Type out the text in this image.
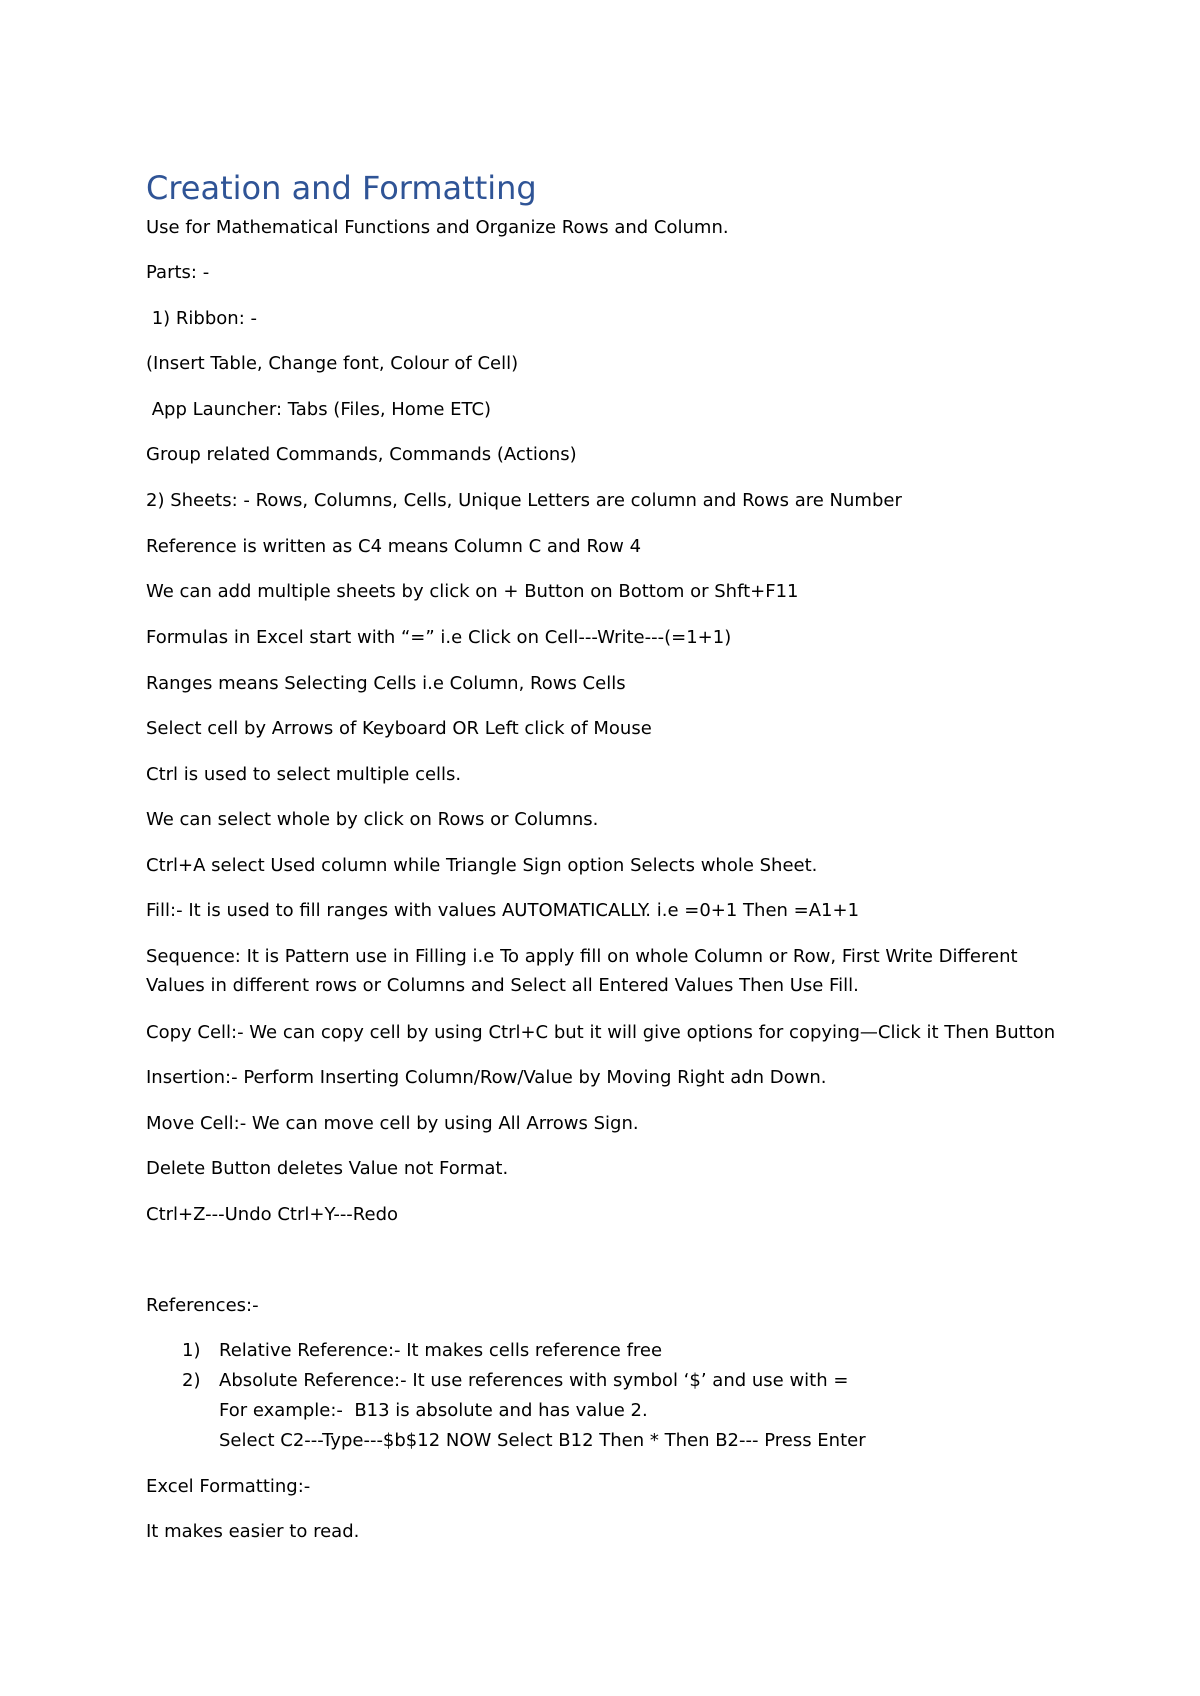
Creation and Formatting
Use for Mathematical Functions and Organize Rows and Column.
Parts: -
1) Ribbon: -
(Insert Table, Change font, Colour of Cell)
App Launcher: Tabs (Files, Home ETC)
Group related Commands, Commands (Actions)
2) Sheets: - Rows, Columns, Cells, Unique Letters are column and Rows are Number
Reference is written as C4 means Column C and Row 4
We can add multiple sheets by click on + Button on Bottom or Shft+F11
Formulas in Excel start with “=” i.e Click on Cell---Write---(=1+1)
Ranges means Selecting Cells i.e Column, Rows Cells
Select cell by Arrows of Keyboard OR Left click of Mouse
Ctrl is used to select multiple cells.
We can select whole by click on Rows or Columns.
Ctrl+A select Used column while Triangle Sign option Selects whole Sheet.
Fill:- It is used to fill ranges with values AUTOMATICALLY. i.e =0+1 Then =A1+1
Sequence: It is Pattern use in Filling i.e To apply fill on whole Column or Row, First Write Different
Values in different rows or Columns and Select all Entered Values Then Use Fill.
Copy Cell:- We can copy cell by using Ctrl+C but it will give options for copying—Click it Then Button
Insertion:- Perform Inserting Column/Row/Value by Moving Right adn Down.
Move Cell:- We can move cell by using All Arrows Sign.
Delete Button deletes Value not Format.
Ctrl+Z---Undo Ctrl+Y---Redo
References:-
1) Relative Reference:- It makes cells reference free
2) Absolute Reference:- It use references with symbol ‘$’ and use with =
For example:-  B13 is absolute and has value 2.
Select C2---Type---$b$12 NOW Select B12 Then * Then B2--- Press Enter
Excel Formatting:-
It makes easier to read.
